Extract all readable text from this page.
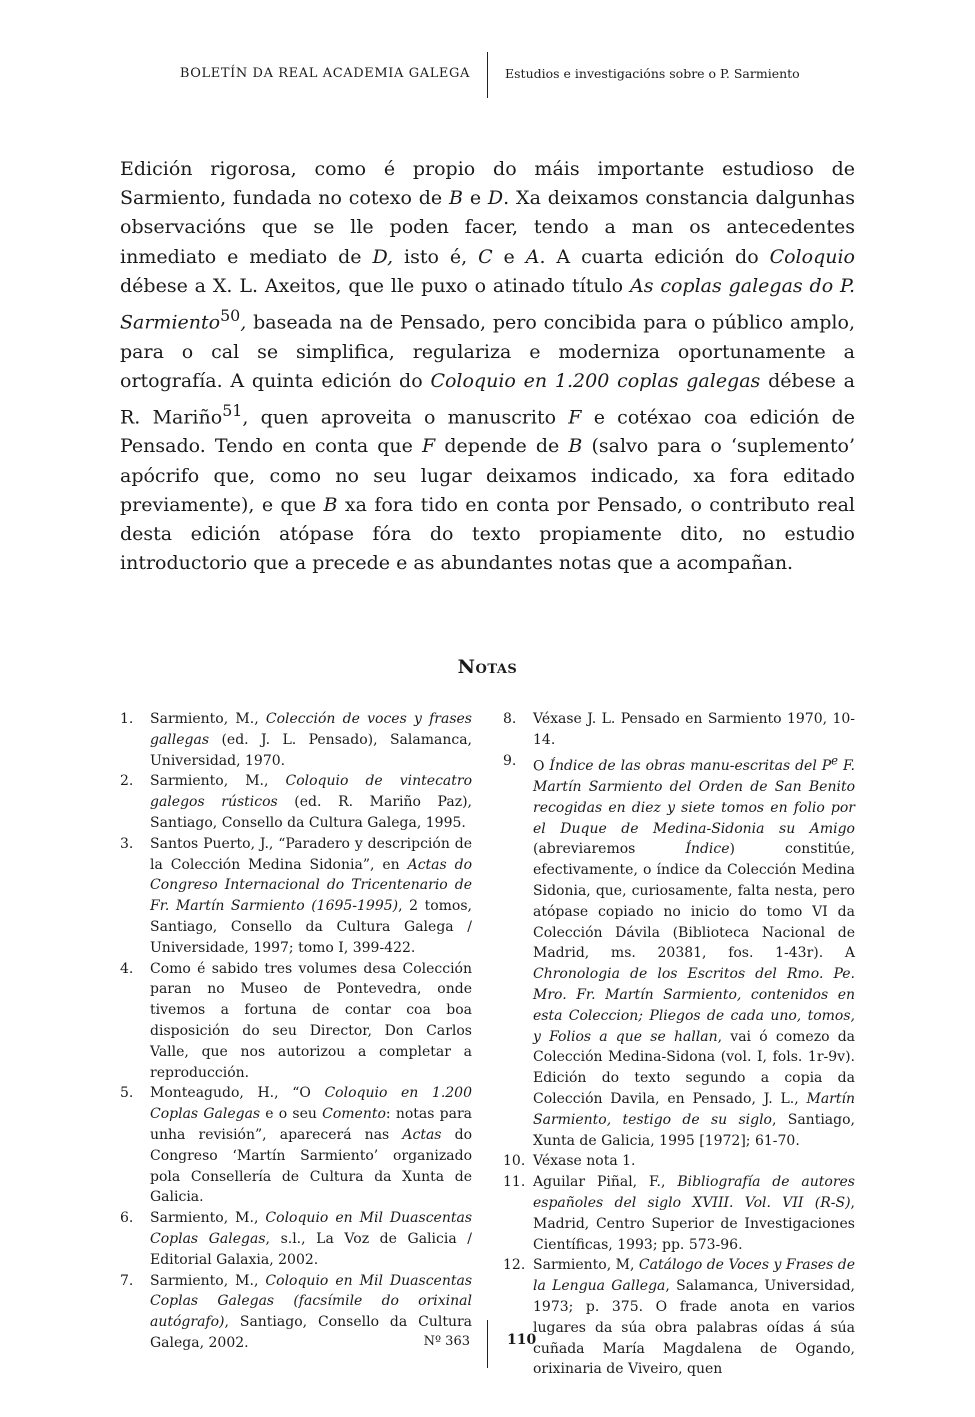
BOLETÍN DA REAL ACADEMIA GALEGA	Estudios e investigacións sobre o P. Sarmiento

Edición rigorosa, como é propio do máis importante estudioso de Sarmiento, fundada no cotexo de B e D. Xa deixamos constancia dalgunhas observacións que se lle poden facer, tendo a man os antecedentes inmediato e mediato de D, isto é, C e A. A cuarta edición do Coloquio débese a X. L. Axeitos, que lle puxo o atinado título As coplas galegas do P. Sarmiento$^{50}$, baseada na de Pensado, pero concibida para o público amplo, para o cal se simplifica, regulariza e moderniza oportunamente a ortografía. A quinta edición do Coloquio en 1.200 coplas galegas débese a R. Mariño$^{51}$, quen aproveita o manuscrito F e cotéxao coa edición de Pensado. Tendo en conta que F depende de B (salvo para o ‘suplemento’ apócrifo que, como no seu lugar deixamos indicado, xa fora editado previamente), e que B xa fora tido en conta por Pensado, o contributo real desta edición atópase fóra do texto propiamente dito, no estudio introductorio que a precede e as abundantes notas que a acompañan.

Notas

1.	Sarmiento, M., Colección de voces y frases gallegas (ed. J. L. Pensado), Salamanca, Universidad, 1970.

2.	Sarmiento, M., Coloquio de vintecatro galegos rústicos (ed. R. Mariño Paz), Santiago, Consello da Cultura Galega, 1995.

3.	Santos Puerto, J., “Paradero y descripción de la Colección Medina Sidonia”, en Actas do Congreso Internacional do Tricentenario de Fr. Martín Sarmiento (1695-1995), 2 tomos, Santiago, Consello da Cultura Galega / Universidade, 1997; tomo I, 399-422.

4.	Como é sabido tres volumes desa Colección paran no Museo de Pontevedra, onde tivemos a fortuna de contar coa boa disposición do seu Director, Don Carlos Valle, que nos autorizou a completar a reproducción.

5.	Monteagudo, H., “O Coloquio en 1.200 Coplas Galegas e o seu Comento: notas para unha revisión”, aparecerá nas Actas do Congreso ‘Martín Sarmiento’ organizado pola Consellería de Cultura da Xunta de Galicia.

6.	Sarmiento, M., Coloquio en Mil Duascentas Coplas Galegas, s.l., La Voz de Galicia / Editorial Galaxia, 2002.

7.	Sarmiento, M., Coloquio en Mil Duascentas Coplas Galegas (facsímile do orixinal autógrafo), Santiago, Consello da Cultura Galega, 2002.

8.	Véxase J. L. Pensado en Sarmiento 1970, 10-14.

9.	O Índice de las obras manu-escritas del $P^e$ F. Martín Sarmiento del Orden de San Benito recogidas en diez y siete tomos en folio por el Duque de Medina-Sidonia su Amigo (abreviaremos Índice) constitúe, efectivamente, o índice da Colección Medina Sidonia, que, curiosamente, falta nesta, pero atópase copiado no inicio do tomo VI da Colección Dávila (Biblioteca Nacional de Madrid, ms. 20381, fos. 1-43r). A Chronologia de los Escritos del Rmo. Pe. Mro. Fr. Martín Sarmiento, contenidos en esta Coleccion; Pliegos de cada uno, tomos, y Folios a que se hallan, vai ó comezo da Colección Medina-Sidona (vol. I, fols. 1r-9v). Edición do texto segundo a copia da Colección Davila, en Pensado, J. L., Martín Sarmiento, testigo de su siglo, Santiago, Xunta de Galicia, 1995 [1972]; 61-70.

10. Véxase nota 1.

11. Aguilar Piñal, F., Bibliografía de autores españoles del siglo XVIII. Vol. VII (R-S), Madrid, Centro Superior de Investigaciones Científicas, 1993; pp. 573-96.

12. Sarmiento, M, Catálogo de Voces y Frases de la Lengua Gallega, Salamanca, Universidad, 1973; p. 375. O frade anota en varios lugares da súa obra palabras oídas á súa cuñada María Magdalena de Ogando, orixinaria de Viveiro, quen

Nº 363	110
